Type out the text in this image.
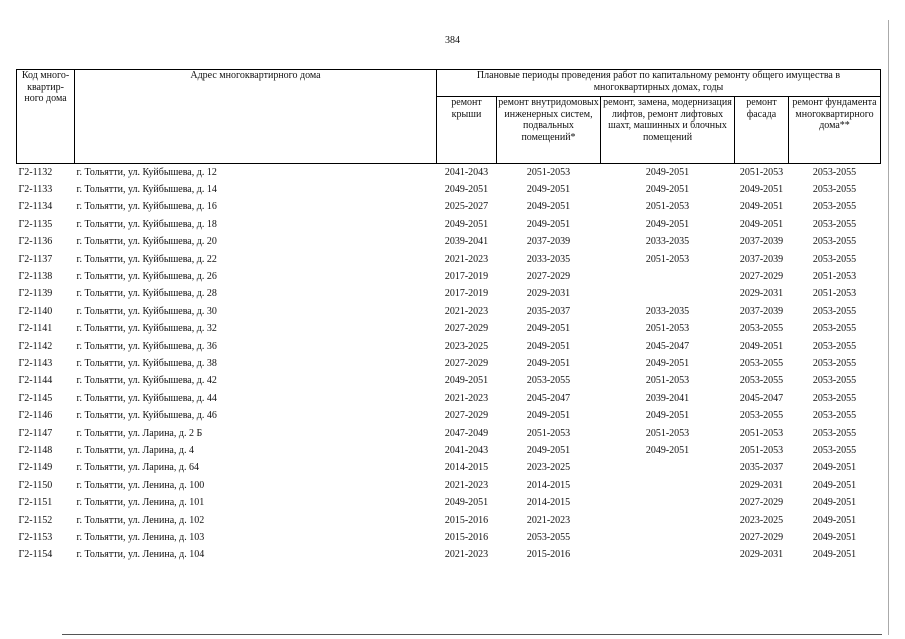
384
Код много-квартир-ного дома	Адрес многоквартирного дома	Плановые периоды проведения работ по капитальному ремонту общего имущества в многоквартирных домах, годы				
		ремонт крыши	ремонт внутридомовых инженерных систем, подвальных помещений*	ремонт, замена, модернизация лифтов, ремонт лифтовых шахт, машинных и блочных помещений	ремонт фасада	ремонт фундамента многоквартирного дома**
Г2-1132	г. Тольятти, ул. Куйбышева, д. 12	2041-2043	2051-2053	2049-2051	2051-2053	2053-2055
Г2-1133	г. Тольятти, ул. Куйбышева, д. 14	2049-2051	2049-2051	2049-2051	2049-2051	2053-2055
Г2-1134	г. Тольятти, ул. Куйбышева, д. 16	2025-2027	2049-2051	2051-2053	2049-2051	2053-2055
Г2-1135	г. Тольятти, ул. Куйбышева, д. 18	2049-2051	2049-2051	2049-2051	2049-2051	2053-2055
Г2-1136	г. Тольятти, ул. Куйбышева, д. 20	2039-2041	2037-2039	2033-2035	2037-2039	2053-2055
Г2-1137	г. Тольятти, ул. Куйбышева, д. 22	2021-2023	2033-2035	2051-2053	2037-2039	2053-2055
Г2-1138	г. Тольятти, ул. Куйбышева, д. 26	2017-2019	2027-2029		2027-2029	2051-2053
Г2-1139	г. Тольятти, ул. Куйбышева, д. 28	2017-2019	2029-2031		2029-2031	2051-2053
Г2-1140	г. Тольятти, ул. Куйбышева, д. 30	2021-2023	2035-2037	2033-2035	2037-2039	2053-2055
Г2-1141	г. Тольятти, ул. Куйбышева, д. 32	2027-2029	2049-2051	2051-2053	2053-2055	2053-2055
Г2-1142	г. Тольятти, ул. Куйбышева, д. 36	2023-2025	2049-2051	2045-2047	2049-2051	2053-2055
Г2-1143	г. Тольятти, ул. Куйбышева, д. 38	2027-2029	2049-2051	2049-2051	2053-2055	2053-2055
Г2-1144	г. Тольятти, ул. Куйбышева, д. 42	2049-2051	2053-2055	2051-2053	2053-2055	2053-2055
Г2-1145	г. Тольятти, ул. Куйбышева, д. 44	2021-2023	2045-2047	2039-2041	2045-2047	2053-2055
Г2-1146	г. Тольятти, ул. Куйбышева, д. 46	2027-2029	2049-2051	2049-2051	2053-2055	2053-2055
Г2-1147	г. Тольятти, ул. Ларина, д. 2 Б	2047-2049	2051-2053	2051-2053	2051-2053	2053-2055
Г2-1148	г. Тольятти, ул. Ларина, д. 4	2041-2043	2049-2051	2049-2051	2051-2053	2053-2055
Г2-1149	г. Тольятти, ул. Ларина, д. 64	2014-2015	2023-2025		2035-2037	2049-2051
Г2-1150	г. Тольятти, ул. Ленина, д. 100	2021-2023	2014-2015		2029-2031	2049-2051
Г2-1151	г. Тольятти, ул. Ленина, д. 101	2049-2051	2014-2015		2027-2029	2049-2051
Г2-1152	г. Тольятти, ул. Ленина, д. 102	2015-2016	2021-2023		2023-2025	2049-2051
Г2-1153	г. Тольятти, ул. Ленина, д. 103	2015-2016	2053-2055		2027-2029	2049-2051
Г2-1154	г. Тольятти, ул. Ленина, д. 104	2021-2023	2015-2016		2029-2031	2049-2051
